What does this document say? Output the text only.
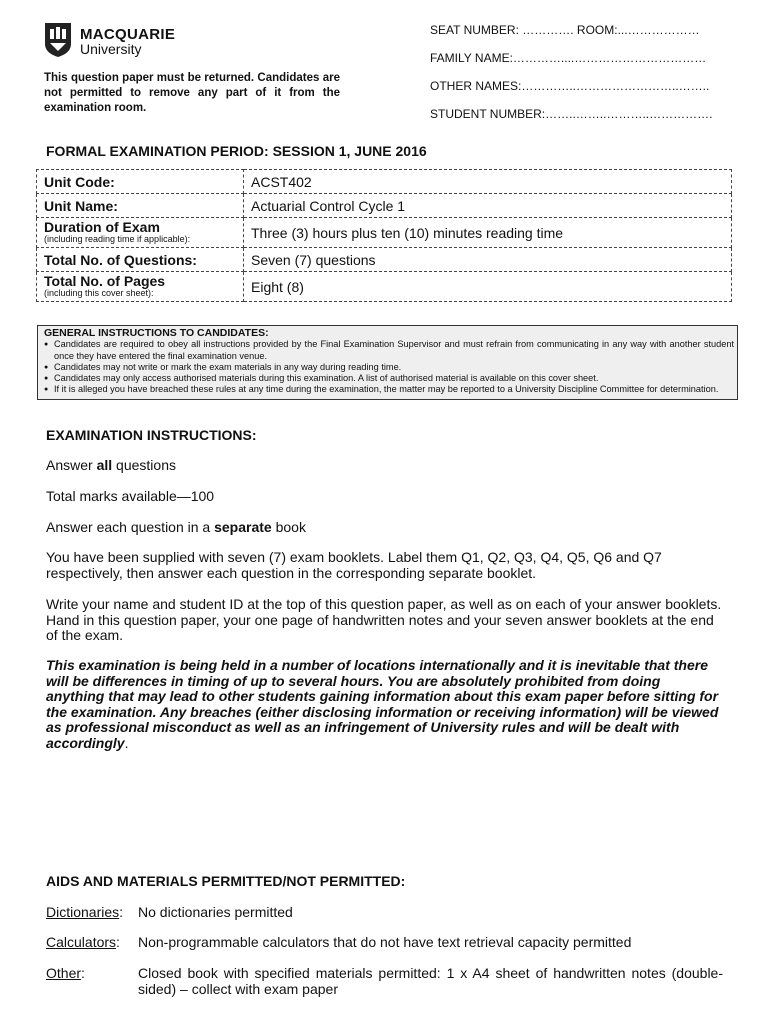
MACQUARIE
University
This question paper must be returned. Candidates are not permitted to remove any part of it from the examination room.
SEAT NUMBER: …………. ROOM:...………………
FAMILY NAME:…………....……………………………
OTHER NAMES:…………..……………………..……..
STUDENT NUMBER:……..……..………..…………….
FORMAL EXAMINATION PERIOD: SESSION 1, JUNE 2016
Unit Code:	ACST402
Unit Name:	Actuarial Control Cycle 1
Duration of Exam
(including reading time if applicable):	Three (3) hours plus ten (10) minutes reading time
Total No. of Questions:	Seven (7) questions
Total No. of Pages
(including this cover sheet):	Eight (8)
GENERAL INSTRUCTIONS TO CANDIDATES:
● Candidates are required to obey all instructions provided by the Final Examination Supervisor and must refrain from communicating in any way with another student once they have entered the final examination venue.
● Candidates may not write or mark the exam materials in any way during reading time.
● Candidates may only access authorised materials during this examination. A list of authorised material is available on this cover sheet.
● If it is alleged you have breached these rules at any time during the examination, the matter may be reported to a University Discipline Committee for determination.
EXAMINATION INSTRUCTIONS:
Answer all questions
Total marks available—100
Answer each question in a separate book
You have been supplied with seven (7) exam booklets. Label them Q1, Q2, Q3, Q4, Q5, Q6 and Q7 respectively, then answer each question in the corresponding separate booklet.
Write your name and student ID at the top of this question paper, as well as on each of your answer booklets. Hand in this question paper, your one page of handwritten notes and your seven answer booklets at the end of the exam.
This examination is being held in a number of locations internationally and it is inevitable that there will be differences in timing of up to several hours. You are absolutely prohibited from doing anything that may lead to other students gaining information about this exam paper before sitting for the examination. Any breaches (either disclosing information or receiving information) will be viewed as professional misconduct as well as an infringement of University rules and will be dealt with accordingly.
AIDS AND MATERIALS PERMITTED/NOT PERMITTED:
Dictionaries: No dictionaries permitted
Calculators: Non-programmable calculators that do not have text retrieval capacity permitted
Other:	Closed book with specified materials permitted: 1 x A4 sheet of handwritten notes (double-sided) – collect with exam paper
